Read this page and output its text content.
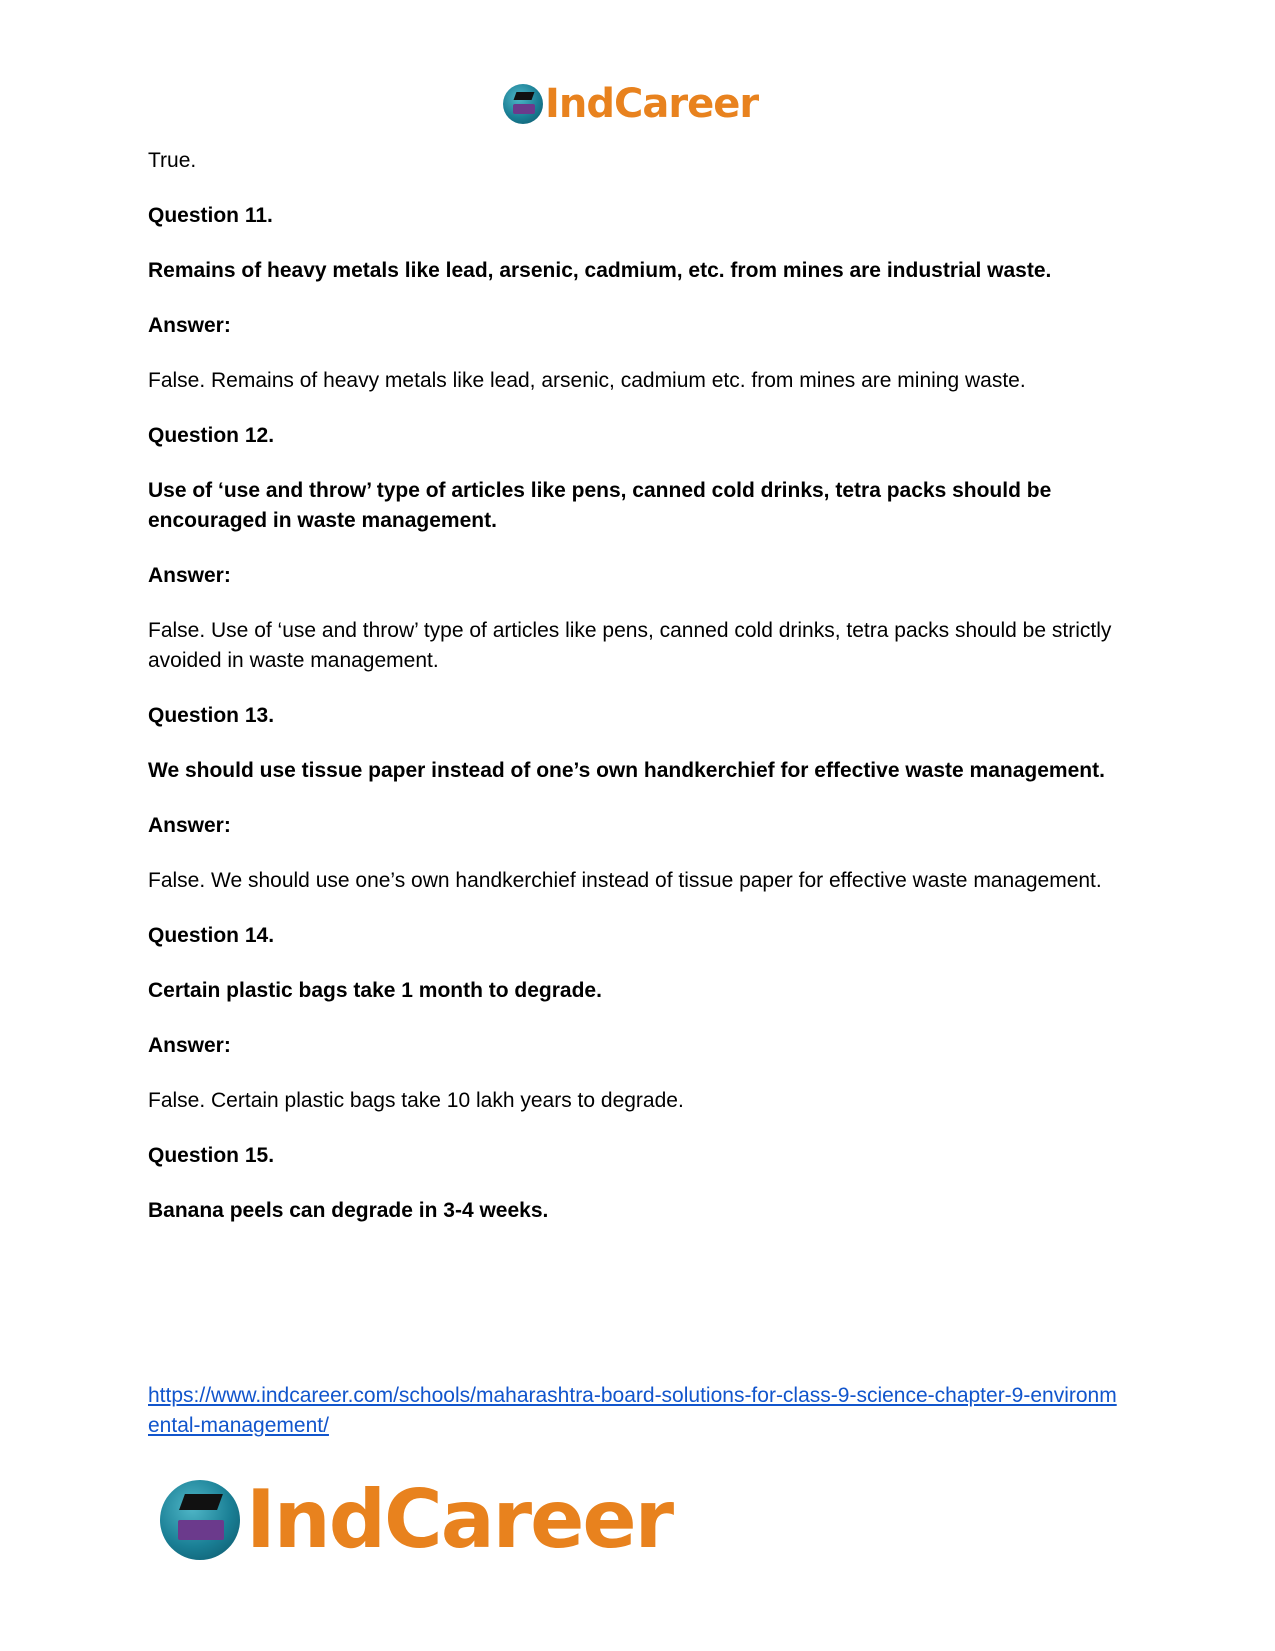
IndCareer

True.

Question 11.

Remains of heavy metals like lead, arsenic, cadmium, etc. from mines are industrial waste.

Answer:

False. Remains of heavy metals like lead, arsenic, cadmium etc. from mines are mining waste.

Question 12.

Use of ‘use and throw’ type of articles like pens, canned cold drinks, tetra packs should be encouraged in waste management.

Answer:

False. Use of ‘use and throw’ type of articles like pens, canned cold drinks, tetra packs should be strictly avoided in waste management.

Question 13.

We should use tissue paper instead of one’s own handkerchief for effective waste management.

Answer:

False. We should use one’s own handkerchief instead of tissue paper for effective waste management.

Question 14.

Certain plastic bags take 1 month to degrade.

Answer:

False. Certain plastic bags take 10 lakh years to degrade.

Question 15.

Banana peels can degrade in 3-4 weeks.

https://www.indcareer.com/schools/maharashtra-board-solutions-for-class-9-science-chapter-9-environmental-management/
IndCareer
